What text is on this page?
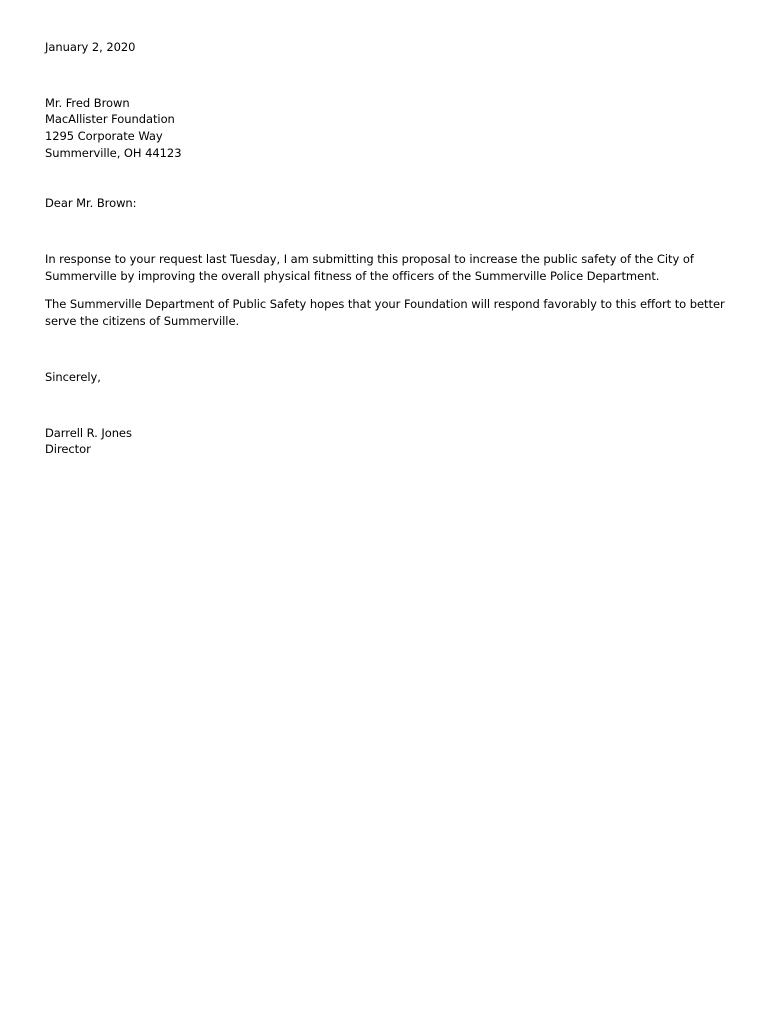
January 2, 2020

Mr. Fred Brown

MacAllister Foundation

1295 Corporate Way

Summerville, OH 44123

Dear Mr. Brown:

In response to your request last Tuesday, I am submitting this proposal to increase the public safety of the City of
Summerville by improving the overall physical fitness of the officers of the Summerville Police Department.
The Summerville Department of Public Safety hopes that your Foundation will respond favorably to this effort to better
serve the citizens of Summerville.

Sincerely,

Darrell R. Jones

Director
